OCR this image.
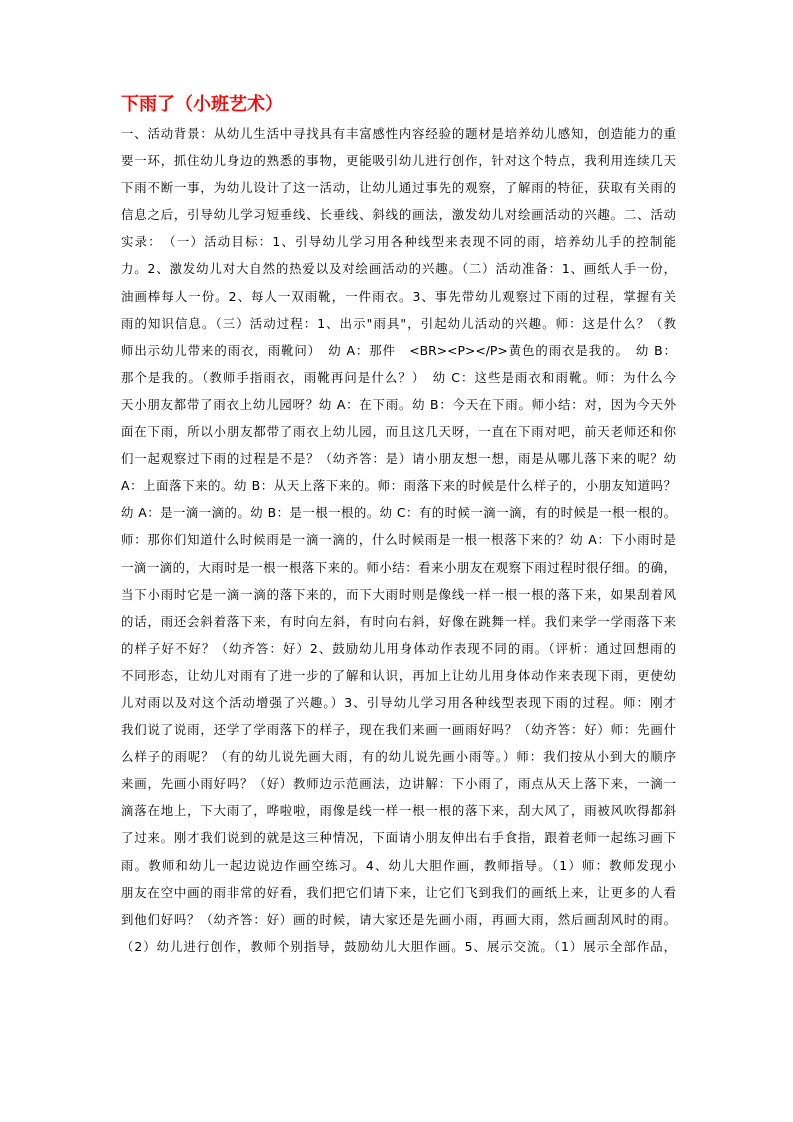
下雨了（小班艺术）
一、活动背景：从幼儿生活中寻找具有丰富感性内容经验的题材是培养幼儿感知，创造能力的重
要一环，抓住幼儿身边的熟悉的事物，更能吸引幼儿进行创作，针对这个特点，我利用连续几天
下雨不断一事，为幼儿设计了这一活动，让幼儿通过事先的观察，了解雨的特征，获取有关雨的
信息之后，引导幼儿学习短垂线、长垂线、斜线的画法，激发幼儿对绘画活动的兴趣。二、活动
实录：　（一）活动目标：1、引导幼儿学习用各种线型来表现不同的雨，培养幼儿手的控制能
力。2、激发幼儿对大自然的热爱以及对绘画活动的兴趣。（二）活动准备：1、画纸人手一份，
油画棒每人一份。2、每人一双雨靴，一件雨衣。3、事先带幼儿观察过下雨的过程，掌握有关
雨的知识信息。（三）活动过程：1、出示"雨具"，引起幼儿活动的兴趣。师：这是什么？（教
师出示幼儿带来的雨衣，雨靴问）　幼 A：那件　<BR><P></P>黄色的雨衣是我的。　幼 B：
那个是我的。（教师手指雨衣，雨靴再问是什么？）　幼 C：这些是雨衣和雨靴。师：为什么今
天小朋友都带了雨衣上幼儿园呀？幼 A：在下雨。幼 B：今天在下雨。师小结：对，因为今天外
面在下雨，所以小朋友都带了雨衣上幼儿园，而且这几天呀，一直在下雨对吧，前天老师还和你
们一起观察过下雨的过程是不是？（幼齐答：是）请小朋友想一想，雨是从哪儿落下来的呢？幼
A：上面落下来的。幼 B：从天上落下来的。师：雨落下来的时候是什么样子的，小朋友知道吗？
幼 A：是一滴一滴的。幼 B：是一根一根的。幼 C：有的时候一滴一滴，有的时候是一根一根的。
师：那你们知道什么时候雨是一滴一滴的，什么时候雨是一根一根落下来的？幼 A：下小雨时是
一滴一滴的，大雨时是一根一根落下来的。师小结：看来小朋友在观察下雨过程时很仔细。的确，
当下小雨时它是一滴一滴的落下来的，而下大雨时则是像线一样一根一根的落下来，如果刮着风
的话，雨还会斜着落下来，有时向左斜，有时向右斜，好像在跳舞一样。我们来学一学雨落下来
的样子好不好？（幼齐答：好）2、鼓励幼儿用身体动作表现不同的雨。（评析：通过回想雨的
不同形态，让幼儿对雨有了进一步的了解和认识，再加上让幼儿用身体动作来表现下雨，更使幼
儿对雨以及对这个活动增强了兴趣。）3、引导幼儿学习用各种线型表现下雨的过程。师：刚才
我们说了说雨，还学了学雨落下的样子，现在我们来画一画雨好吗？（幼齐答：好）师：先画什
么样子的雨呢？（有的幼儿说先画大雨，有的幼儿说先画小雨等。）师：我们按从小到大的顺序
来画，先画小雨好吗？（好）教师边示范画法，边讲解：下小雨了，雨点从天上落下来，一滴一
滴落在地上，下大雨了，哗啦啦，雨像是线一样一根一根的落下来，刮大风了，雨被风吹得都斜
了过来。刚才我们说到的就是这三种情况，下面请小朋友伸出右手食指，跟着老师一起练习画下
雨。教师和幼儿一起边说边作画空练习。4、幼儿大胆作画，教师指导。（1）师：教师发现小
朋友在空中画的雨非常的好看，我们把它们请下来，让它们飞到我们的画纸上来，让更多的人看
到他们好吗？（幼齐答：好）画的时候，请大家还是先画小雨，再画大雨，然后画刮风时的雨。
（2）幼儿进行创作，教师个别指导，鼓励幼儿大胆作画。5、展示交流。（1）展示全部作品，
